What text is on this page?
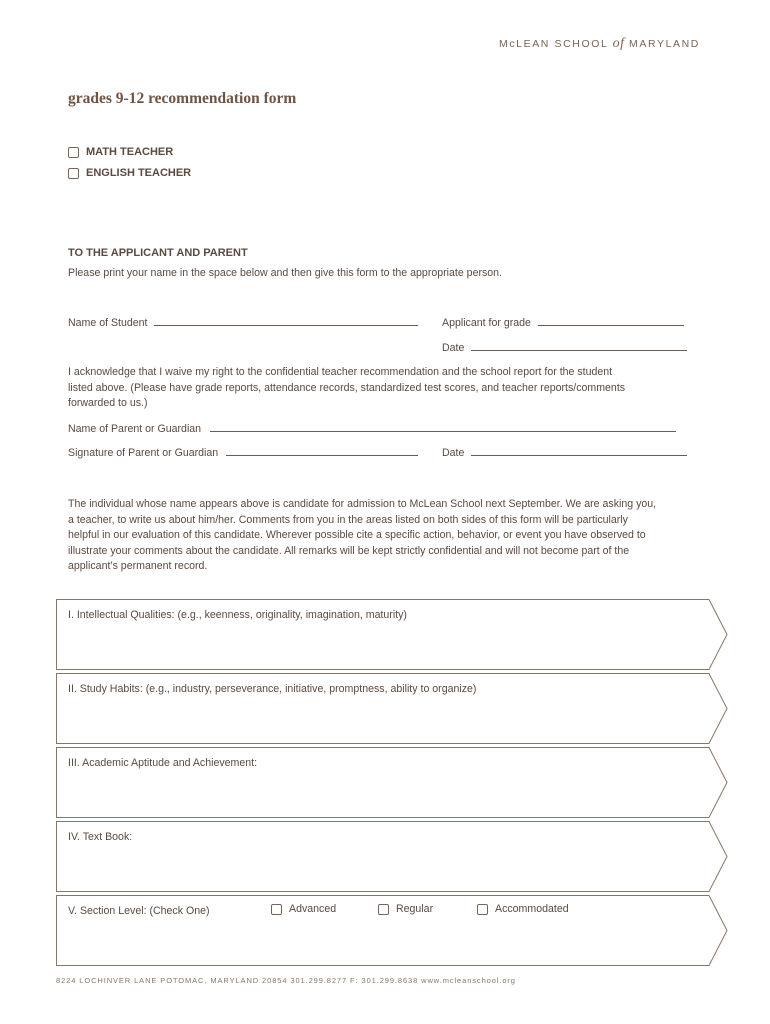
McLEAN SCHOOL of MARYLAND
grades 9-12 recommendation form
MATH TEACHER
ENGLISH TEACHER
TO THE APPLICANT AND PARENT
Please print your name in the space below and then give this form to the appropriate person.
Name of Student	Applicant for grade
Date
I acknowledge that I waive my right to the confidential teacher recommendation and the school report for the student
listed above. (Please have grade reports, attendance records, standardized test scores, and teacher reports/comments
forwarded to us.)
Name of Parent or Guardian
Signature of Parent or Guardian	Date
The individual whose name appears above is candidate for admission to McLean School next September. We are asking you,
a teacher, to write us about him/her. Comments from you in the areas listed on both sides of this form will be particularly
helpful in our evaluation of this candidate. Wherever possible cite a specific action, behavior, or event you have observed to
illustrate your comments about the candidate. All remarks will be kept strictly confidential and will not become part of the
applicant’s permanent record.
I. Intellectual Qualities: (e.g., keenness, originality, imagination, maturity)
II. Study Habits: (e.g., industry, perseverance, initiative, promptness, ability to organize)
III. Academic Aptitude and Achievement:
IV. Text Book:
V. Section Level: (Check One)	Advanced	Regular	Accommodated
8224 LOCHINVER LANE POTOMAC, MARYLAND 20854 301.299.8277 F: 301.299.8638 www.mcleanschool.org
